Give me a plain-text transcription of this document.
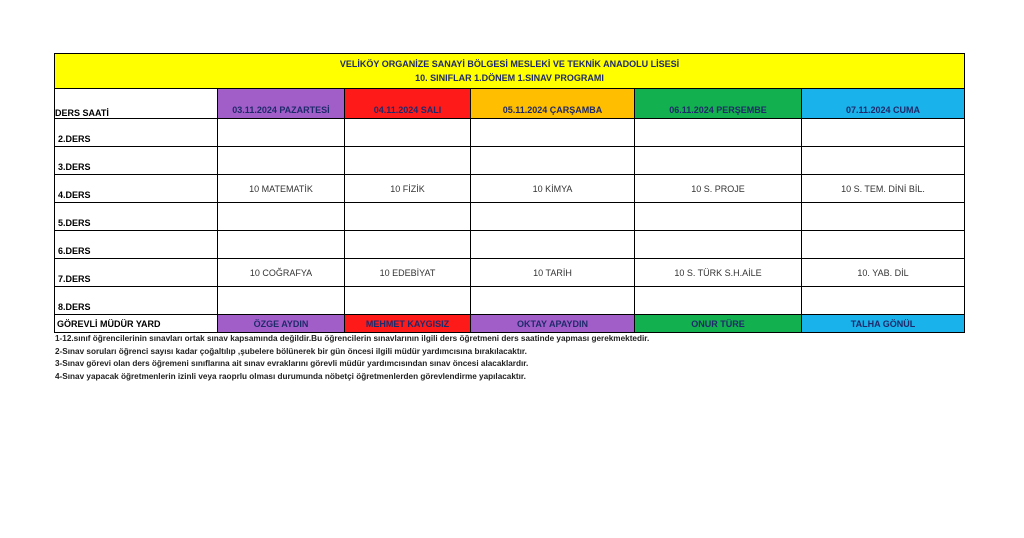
VELİKÖY ORGANİZE SANAYİ BÖLGESİ MESLEKİ VE TEKNİK ANADOLU LİSESİ
10. SINIFLAR 1.DÖNEM 1.SINAV PROGRAMI					

DERS SAATİ	03.11.2024 PAZARTESİ	04.11.2024 SALI	05.11.2024 ÇARŞAMBA	06.11.2024 PERŞEMBE	07.11.2024 CUMA
2.DERS					
3.DERS					
4.DERS	10 MATEMATİK	10 FİZİK	10 KİMYA	10 S. PROJE	10 S. TEM. DİNİ BİL.
5.DERS					
6.DERS					
7.DERS	10 COĞRAFYA	10 EDEBİYAT	10 TARİH	10 S. TÜRK S.H.AİLE	10. YAB. DİL
8.DERS					
GÖREVLİ MÜDÜR YARD	ÖZGE AYDIN	MEHMET KAYGISIZ	OKTAY APAYDIN	ONUR TÜRE	TALHA GÖNÜL

1-12.sınıf öğrencilerinin sınavları ortak sınav kapsamında değildir.Bu öğrencilerin sınavlarının ilgili ders öğretmeni ders saatinde yapması gerekmektedir.

2-Sınav soruları öğrenci sayısı kadar çoğaltılıp ,şubelere bölünerek bir gün öncesi ilgili müdür yardımcısına bırakılacaktır.

3-Sınav görevi olan ders öğremeni sınıflarına ait sınav evraklarını görevli müdür yardımcısından sınav öncesi alacaklardır.

4-Sınav yapacak öğretmenlerin izinli veya raoprlu olması durumunda nöbetçi öğretmenlerden görevlendirme yapılacaktır.
